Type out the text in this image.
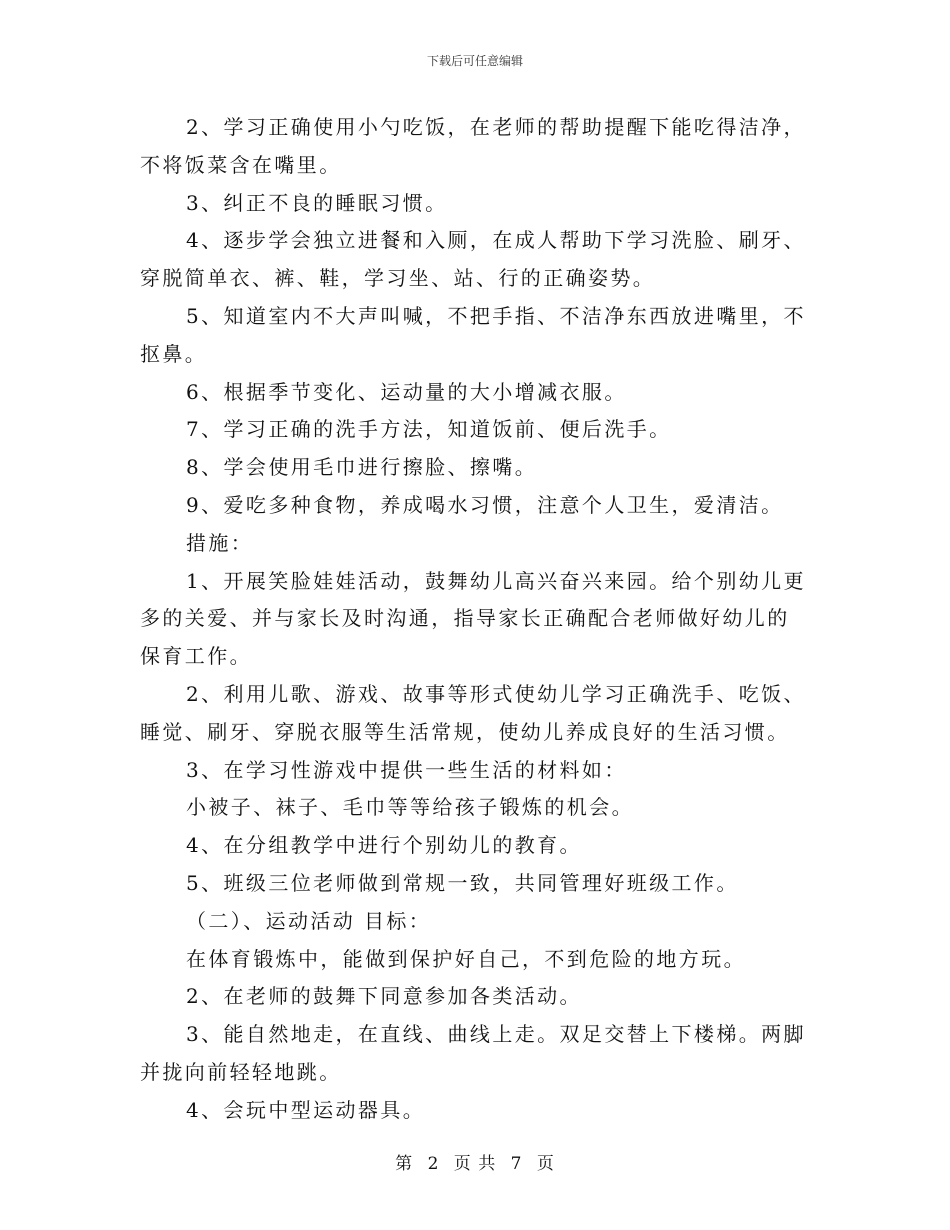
下载后可任意编辑

2、学习正确使用小勺吃饭，在老师的帮助提醒下能吃得洁净，不将饭菜含在嘴里。

3、纠正不良的睡眠习惯。

4、逐步学会独立进餐和入厕，在成人帮助下学习洗脸、刷牙、穿脱简单衣、裤、鞋，学习坐、站、行的正确姿势。

5、知道室内不大声叫喊，不把手指、不洁净东西放进嘴里，不抠鼻。

6、根据季节变化、运动量的大小增减衣服。

7、学习正确的洗手方法，知道饭前、便后洗手。

8、学会使用毛巾进行擦脸、擦嘴。

9、爱吃多种食物，养成喝水习惯，注意个人卫生，爱清洁。

措施：

1、开展笑脸娃娃活动，鼓舞幼儿高兴奋兴来园。给个别幼儿更多的关爱、并与家长及时沟通，指导家长正确配合老师做好幼儿的保育工作。

2、利用儿歌、游戏、故事等形式使幼儿学习正确洗手、吃饭、睡觉、刷牙、穿脱衣服等生活常规，使幼儿养成良好的生活习惯。

3、在学习性游戏中提供一些生活的材料如：

小被子、袜子、毛巾等等给孩子锻炼的机会。

4、在分组教学中进行个别幼儿的教育。

5、班级三位老师做到常规一致，共同管理好班级工作。

（二）、运动活动 目标：

在体育锻炼中，能做到保护好自己，不到危险的地方玩。

2、在老师的鼓舞下同意参加各类活动。

3、能自然地走，在直线、曲线上走。双足交替上下楼梯。两脚并拢向前轻轻地跳。

4、会玩中型运动器具。

第 2 页 共 7 页
